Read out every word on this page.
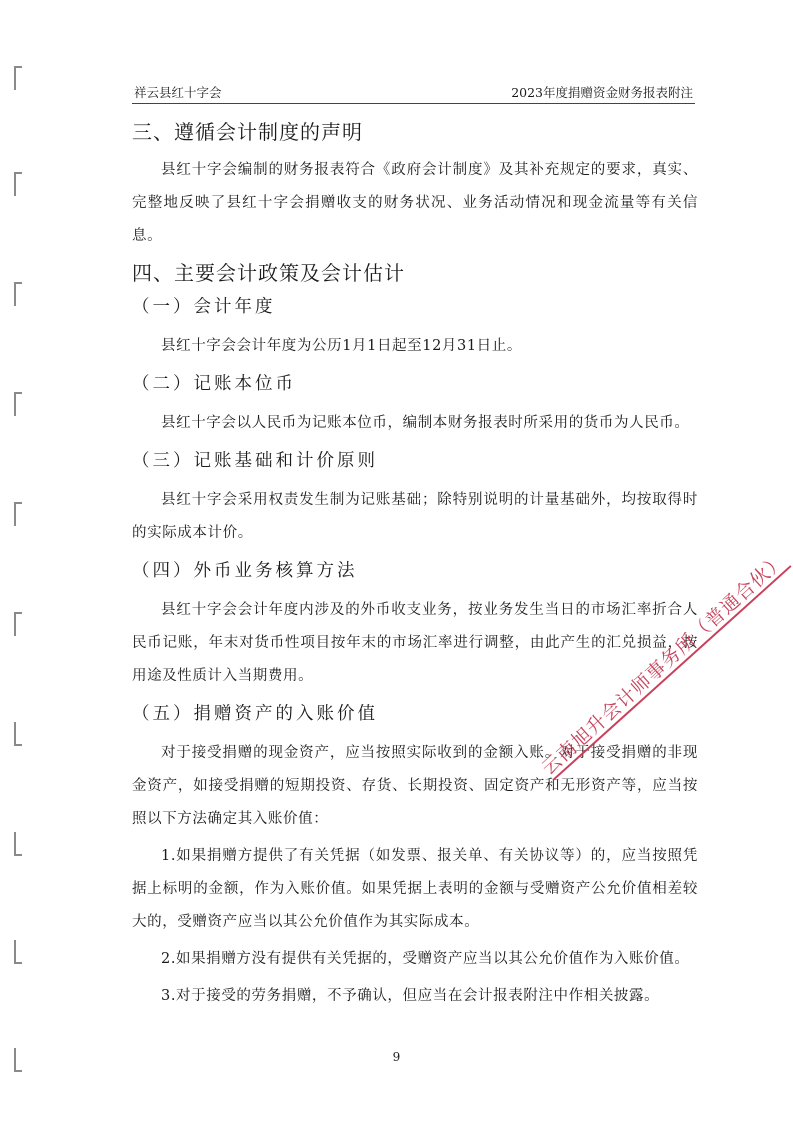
祥云县红十字会	2023年度捐赠资金财务报表附注
三、遵循会计制度的声明

县红十字会编制的财务报表符合《政府会计制度》及其补充规定的要求，真实、完整地反映了县红十字会捐赠收支的财务状况、业务活动情况和现金流量等有关信息。

四、主要会计政策及会计估计
（一）会计年度

县红十字会会计年度为公历1月1日起至12月31日止。

（二）记账本位币

县红十字会以人民币为记账本位币，编制本财务报表时所采用的货币为人民币。

（三）记账基础和计价原则

县红十字会采用权责发生制为记账基础；除特别说明的计量基础外，均按取得时的实际成本计价。

（四）外币业务核算方法

县红十字会会计年度内涉及的外币收支业务，按业务发生当日的市场汇率折合人民币记账，年末对货币性项目按年末的市场汇率进行调整，由此产生的汇兑损益，按用途及性质计入当期费用。

（五）捐赠资产的入账价值

对于接受捐赠的现金资产，应当按照实际收到的金额入账。对于接受捐赠的非现金资产，如接受捐赠的短期投资、存货、长期投资、固定资产和无形资产等，应当按照以下方法确定其入账价值：

1.如果捐赠方提供了有关凭据（如发票、报关单、有关协议等）的，应当按照凭据上标明的金额，作为入账价值。如果凭据上表明的金额与受赠资产公允价值相差较大的，受赠资产应当以其公允价值作为其实际成本。

2.如果捐赠方没有提供有关凭据的，受赠资产应当以其公允价值作为入账价值。

3.对于接受的劳务捐赠，不予确认，但应当在会计报表附注中作相关披露。

云南旭升会计师事务所（普通合伙）
9
